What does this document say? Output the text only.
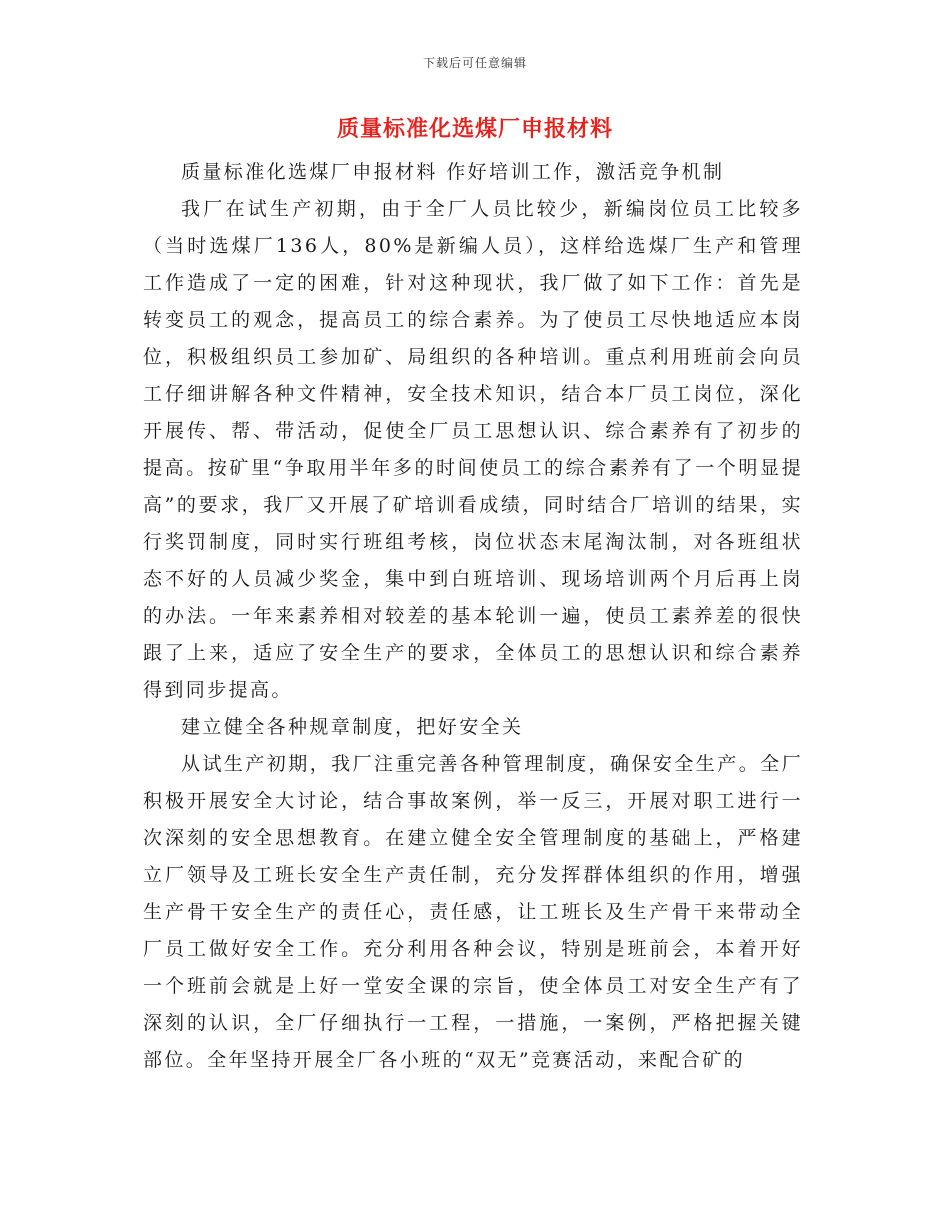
下载后可任意编辑
质量标准化选煤厂申报材料

质量标准化选煤厂申报材料 作好培训工作，激活竞争机制

我厂在试生产初期，由于全厂人员比较少，新编岗位员工比较多（当时选煤厂136人，80%是新编人员），这样给选煤厂生产和管理工作造成了一定的困难，针对这种现状，我厂做了如下工作：首先是转变员工的观念，提高员工的综合素养。为了使员工尽快地适应本岗位，积极组织员工参加矿、局组织的各种培训。重点利用班前会向员工仔细讲解各种文件精神，安全技术知识，结合本厂员工岗位，深化开展传、帮、带活动，促使全厂员工思想认识、综合素养有了初步的提高。按矿里“争取用半年多的时间使员工的综合素养有了一个明显提高”的要求，我厂又开展了矿培训看成绩，同时结合厂培训的结果，实行奖罚制度，同时实行班组考核，岗位状态末尾淘汰制，对各班组状态不好的人员减少奖金，集中到白班培训、现场培训两个月后再上岗的办法。一年来素养相对较差的基本轮训一遍，使员工素养差的很快跟了上来，适应了安全生产的要求，全体员工的思想认识和综合素养得到同步提高。

建立健全各种规章制度，把好安全关

从试生产初期，我厂注重完善各种管理制度，确保安全生产。全厂积极开展安全大讨论，结合事故案例，举一反三，开展对职工进行一次深刻的安全思想教育。在建立健全安全管理制度的基础上，严格建立厂领导及工班长安全生产责任制，充分发挥群体组织的作用，增强生产骨干安全生产的责任心，责任感，让工班长及生产骨干来带动全厂员工做好安全工作。充分利用各种会议，特别是班前会，本着开好一个班前会就是上好一堂安全课的宗旨，使全体员工对安全生产有了深刻的认识，全厂仔细执行一工程，一措施，一案例，严格把握关键部位。全年坚持开展全厂各小班的“双无”竞赛活动，来配合矿的
